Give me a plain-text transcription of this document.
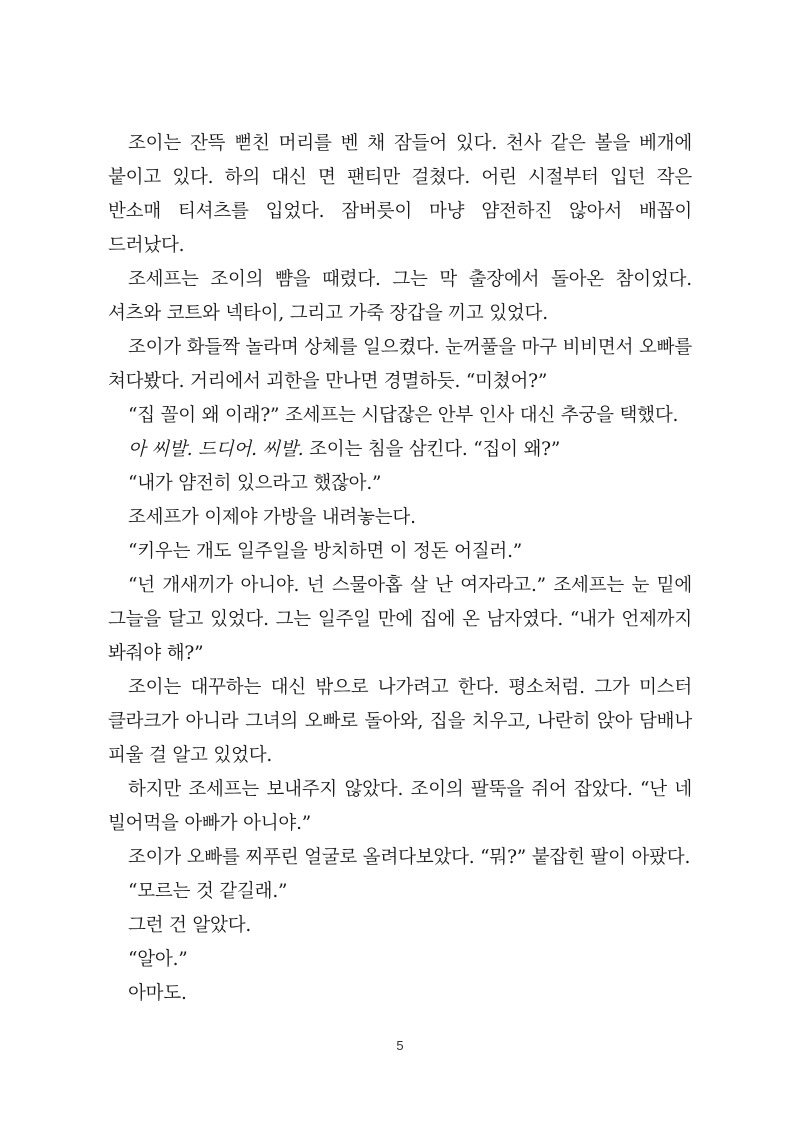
조이는 잔뜩 뻗친 머리를 벤 채 잠들어 있다. 천사 같은 볼을 베개에 붙이고 있다. 하의 대신 면 팬티만 걸쳤다. 어린 시절부터 입던 작은 반소매 티셔츠를 입었다. 잠버릇이 마냥 얌전하진 않아서 배꼽이 드러났다.

조세프는 조이의 뺨을 때렸다. 그는 막 출장에서 돌아온 참이었다. 셔츠와 코트와 넥타이, 그리고 가죽 장갑을 끼고 있었다.

조이가 화들짝 놀라며 상체를 일으켰다. 눈꺼풀을 마구 비비면서 오빠를 쳐다봤다. 거리에서 괴한을 만나면 경멸하듯. “미쳤어?”

“집 꼴이 왜 이래?” 조세프는 시답잖은 안부 인사 대신 추궁을 택했다.

아 씨발. 드디어. 씨발. 조이는 침을 삼킨다. “집이 왜?”

“내가 얌전히 있으라고 했잖아.”

조세프가 이제야 가방을 내려놓는다.

“키우는 개도 일주일을 방치하면 이 정돈 어질러.”

“넌 개새끼가 아니야. 넌 스물아홉 살 난 여자라고.” 조세프는 눈 밑에 그늘을 달고 있었다. 그는 일주일 만에 집에 온 남자였다. “내가 언제까지 봐줘야 해?”

조이는 대꾸하는 대신 밖으로 나가려고 한다. 평소처럼. 그가 미스터 클라크가 아니라 그녀의 오빠로 돌아와, 집을 치우고, 나란히 앉아 담배나 피울 걸 알고 있었다.

하지만 조세프는 보내주지 않았다. 조이의 팔뚝을 쥐어 잡았다. “난 네 빌어먹을 아빠가 아니야.”

조이가 오빠를 찌푸린 얼굴로 올려다보았다. “뭐?” 붙잡힌 팔이 아팠다.

“모르는 것 같길래.”

그런 건 알았다.

“알아.”

아마도.

5
